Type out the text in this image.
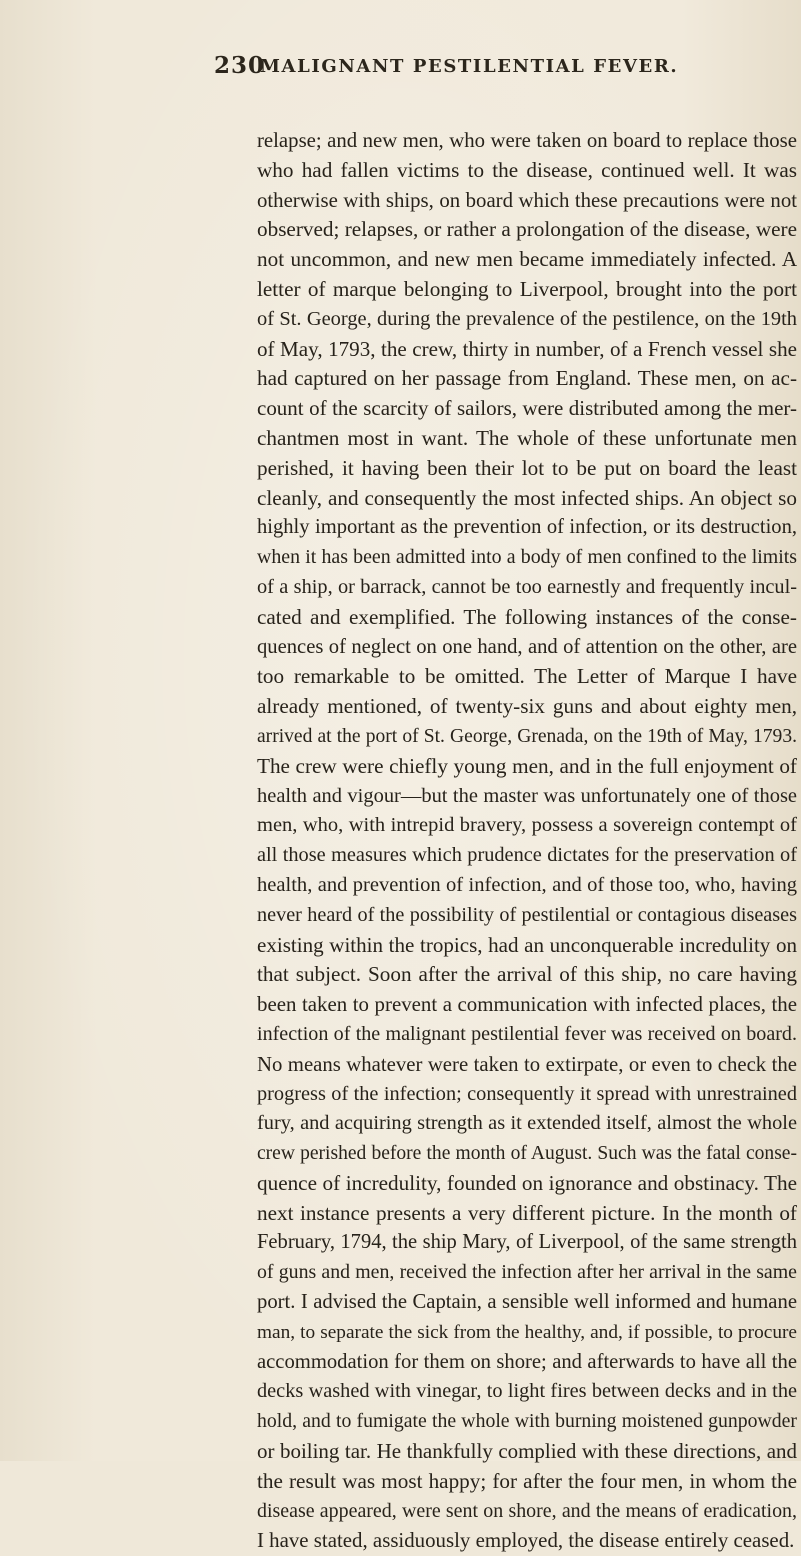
230
MALIGNANT PESTILENTIAL FEVER.
relapse; and new men, who were taken on board to replace those
who had fallen victims to the disease, continued well. It was
otherwise with ships, on board which these precautions were not
observed; relapses, or rather a prolongation of the disease, were
not uncommon, and new men became immediately infected. A
letter of marque belonging to Liverpool, brought into the port
of St. George, during the prevalence of the pestilence, on the 19th
of May, 1793, the crew, thirty in number, of a French vessel she
had captured on her passage from England. These men, on ac-
count of the scarcity of sailors, were distributed among the mer-
chantmen most in want. The whole of these unfortunate men
perished, it having been their lot to be put on board the least
cleanly, and consequently the most infected ships. An object so
highly important as the prevention of infection, or its destruction,
when it has been admitted into a body of men confined to the limits
of a ship, or barrack, cannot be too earnestly and frequently incul-
cated and exemplified. The following instances of the conse-
quences of neglect on one hand, and of attention on the other, are
too remarkable to be omitted. The Letter of Marque I have
already mentioned, of twenty-six guns and about eighty men,
arrived at the port of St. George, Grenada, on the 19th of May, 1793.
The crew were chiefly young men, and in the full enjoyment of
health and vigour—but the master was unfortunately one of those
men, who, with intrepid bravery, possess a sovereign contempt of
all those measures which prudence dictates for the preservation of
health, and prevention of infection, and of those too, who, having
never heard of the possibility of pestilential or contagious diseases
existing within the tropics, had an unconquerable incredulity on
that subject. Soon after the arrival of this ship, no care having
been taken to prevent a communication with infected places, the
infection of the malignant pestilential fever was received on board.
No means whatever were taken to extirpate, or even to check the
progress of the infection; consequently it spread with unrestrained
fury, and acquiring strength as it extended itself, almost the whole
crew perished before the month of August. Such was the fatal conse-
quence of incredulity, founded on ignorance and obstinacy. The
next instance presents a very different picture. In the month of
February, 1794, the ship Mary, of Liverpool, of the same strength
of guns and men, received the infection after her arrival in the same
port. I advised the Captain, a sensible well informed and humane
man, to separate the sick from the healthy, and, if possible, to procure
accommodation for them on shore; and afterwards to have all the
decks washed with vinegar, to light fires between decks and in the
hold, and to fumigate the whole with burning moistened gunpowder
or boiling tar. He thankfully complied with these directions, and
the result was most happy; for after the four men, in whom the
disease appeared, were sent on shore, and the means of eradication,
I have stated, assiduously employed, the disease entirely ceased.
